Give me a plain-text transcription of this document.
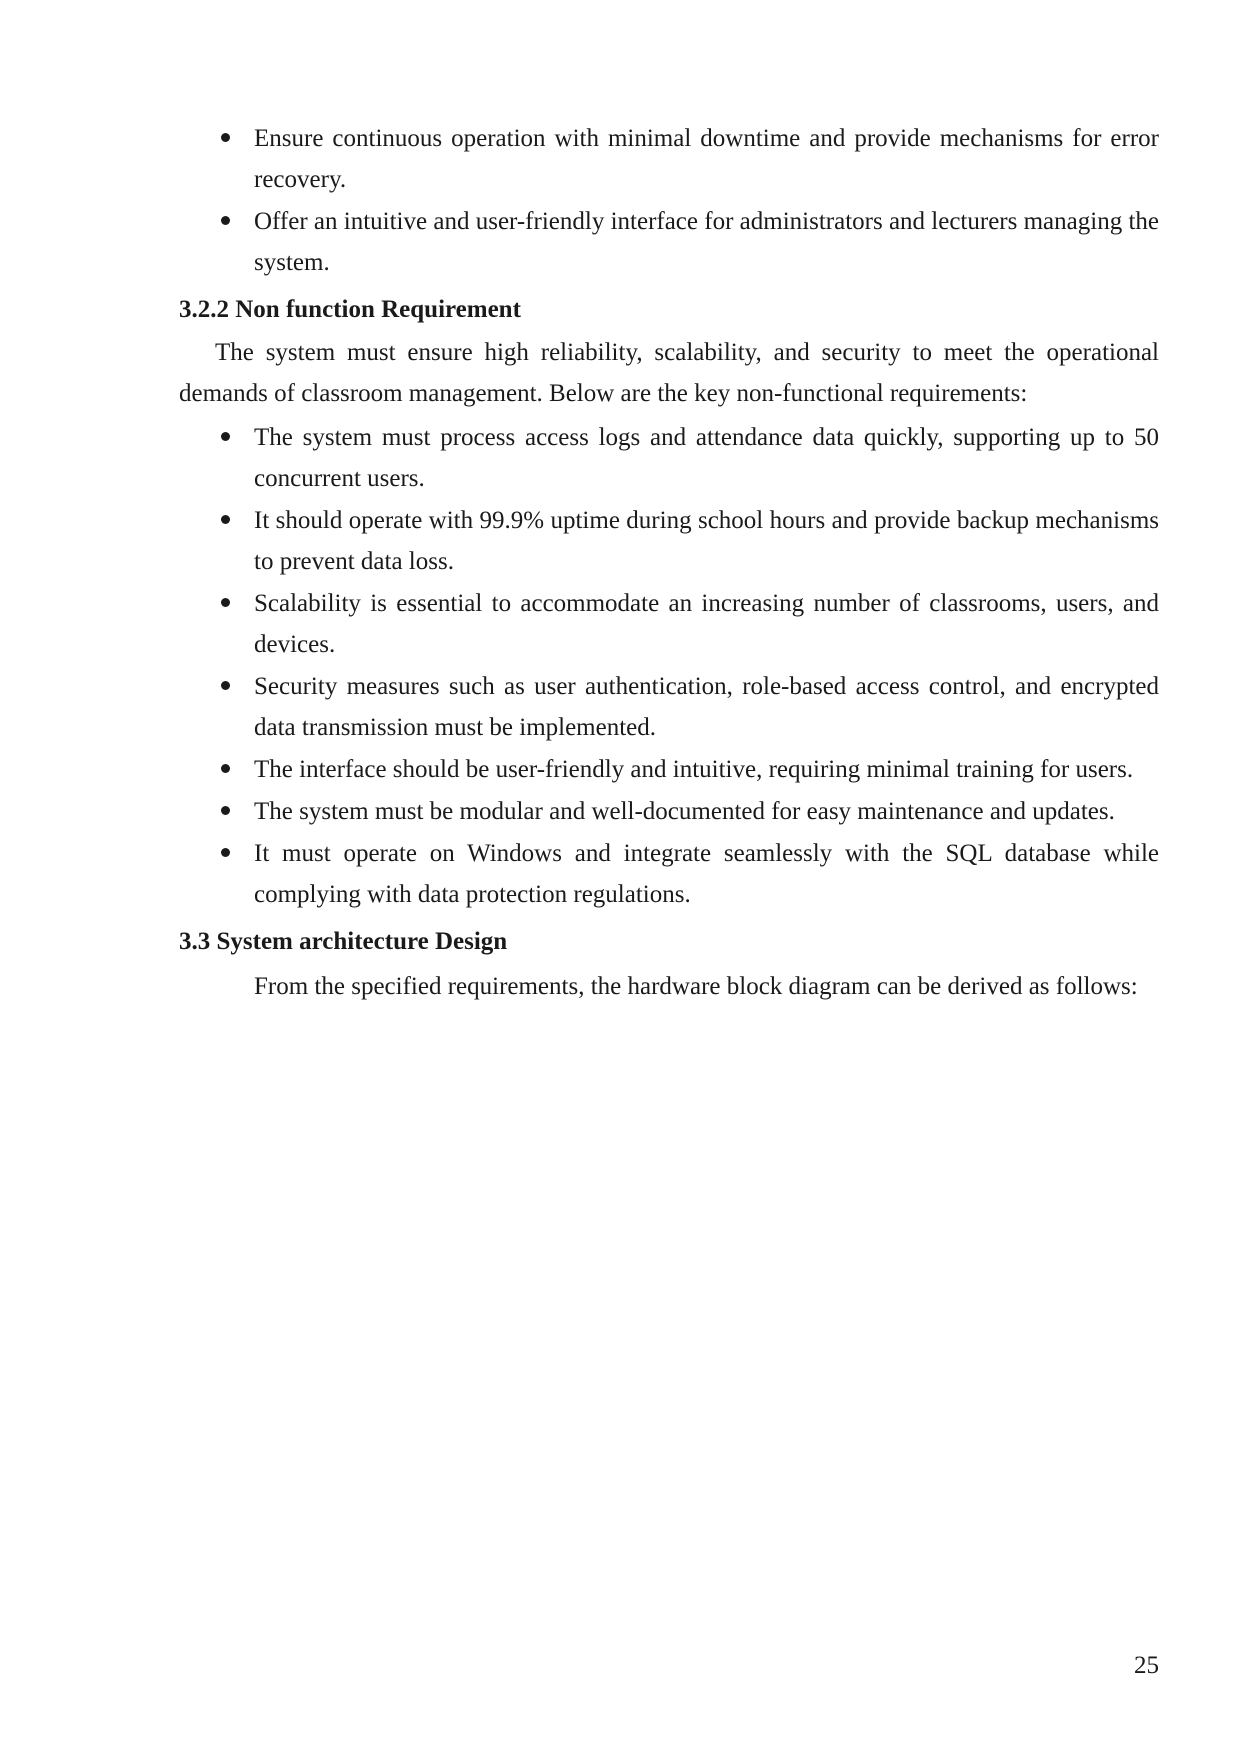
Ensure continuous operation with minimal downtime and provide mechanisms for error recovery.
Offer an intuitive and user-friendly interface for administrators and lecturers managing the system.
3.2.2 Non function Requirement

The system must ensure high reliability, scalability, and security to meet the operational demands of classroom management. Below are the key non-functional requirements:

The system must process access logs and attendance data quickly, supporting up to 50 concurrent users.
It should operate with 99.9% uptime during school hours and provide backup mechanisms to prevent data loss.
Scalability is essential to accommodate an increasing number of classrooms, users, and devices.
Security measures such as user authentication, role-based access control, and encrypted data transmission must be implemented.
The interface should be user-friendly and intuitive, requiring minimal training for users.
The system must be modular and well-documented for easy maintenance and updates.
It must operate on Windows and integrate seamlessly with the SQL database while complying with data protection regulations.
3.3 System architecture Design

From the specified requirements, the hardware block diagram can be derived as follows:

25
